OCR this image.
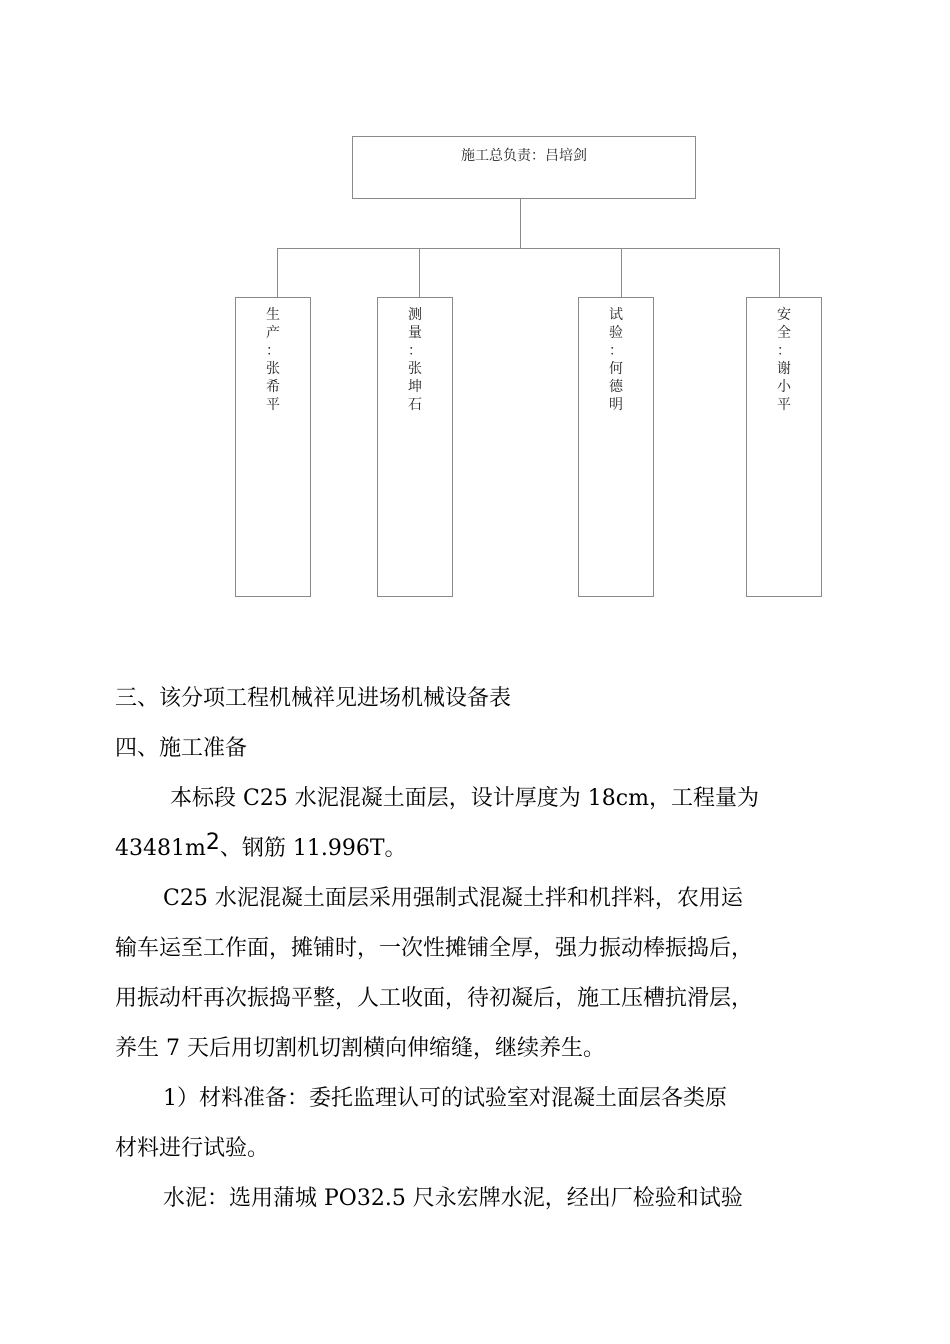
施工总负责：吕培剑
生产
：
张希平
测量
：
张坤石
试验
：
何德明
安全
：
谢小平
三、该分项工程机械祥见进场机械设备表
四、施工准备
本标段 C25 水泥混凝土面层，设计厚度为 18cm，工程量为
$43481m^2$、钢筋 11.996T。
C25 水泥混凝土面层采用强制式混凝土拌和机拌料，农用运
输车运至工作面，摊铺时，一次性摊铺全厚，强力振动棒振捣后，
用振动杆再次振捣平整，人工收面，待初凝后，施工压槽抗滑层，
养生 7 天后用切割机切割横向伸缩缝，继续养生。
1）材料准备：委托监理认可的试验室对混凝土面层各类原
材料进行试验。
水泥：选用蒲城 PO32.5 尺永宏牌水泥，经出厂检验和试验
